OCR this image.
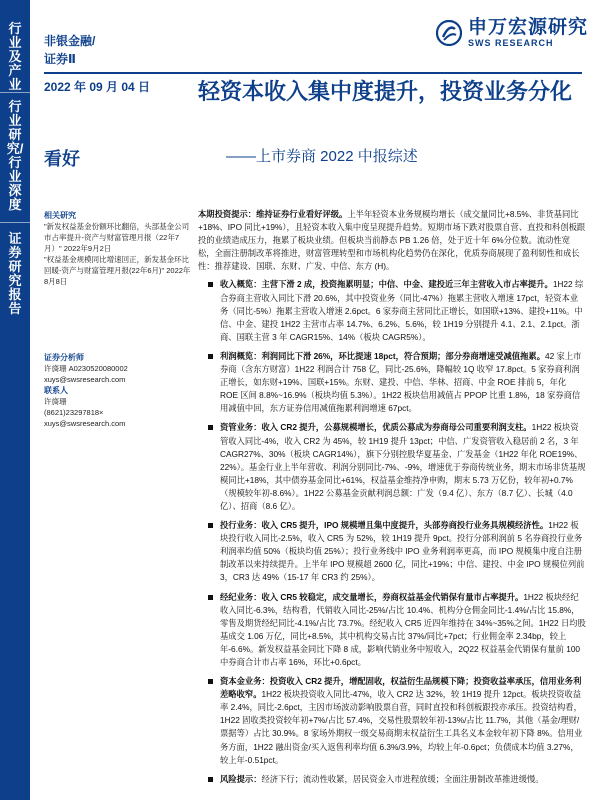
行业及产业
行业研究/行业深度
证券研究报告
非银金融/
证券Ⅱ
申万宏源研究
SWS RESEARCH
2022 年 09 月 04 日
看好
轻资本收入集中度提升，投资业务分化
——上市券商 2022 中报综述
相关研究
"新发权益基金份额环比翻倍，头部基金公司市占率提升-资产与财富管理月报（22年7月）" 2022年9月2日
"权益基金规模同比增速回正，新发基金环比回暖-资产与财富管理月报(22年6月)" 2022年8月8日
证券分析师
许旖珊 A0230520080002
xuys@swsresearch.com
联系人
许旖珊
(8621)23297818×
xuys@swsresearch.com

本期投资提示：维持证券行业看好评级。上半年轻资本业务规模均增长（成交量同比+8.5%、非货基同比+18%、IPO 同比+19%），且轻资本收入集中度呈现提升趋势。短期市场下跌对股票自营、直投和科创板跟投的业绩造成压力，拖累了板块业绩。但板块当前静态 PB 1.26 倍，处于近十年 6%分位数。流动性宽松，全面注册制改革将推进，财富管理转型和市场机构化趋势仍在深化，优质券商展现了盈利韧性和成长性：推荐建设、国联、东财、广发、中信、东方 (H)。

收入概览：主营下滑 2 成，投资拖累明显；中信、中金、建投近三年主营收入市占率提升。1H22 综合券商主营收入同比下滑 20.6%，其中投资业务（同比-47%）拖累主营收入增速 17pct，轻资本业务（同比-5%）拖累主营收入增速 2.6pct。6 家券商主营同比正增长，如国联+13%、建投+11%。中信、中金、建投 1H22 主营市占率 14.7%、6.2%、5.6%，较 1H19 分别提升 4.1、2.1、2.1pct。浙商、国联主营 3 年 CAGR15%、14%（板块 CAGR5%）。

利润概览：利润同比下滑 26%，环比提速 18pct，符合预期；部分券商增速受减值拖累。42 家上市券商（含东方财富）1H22 利润合计 758 亿，同比-25.6%，降幅较 1Q 收窄 17.8pct。5 家券商利润正增长，如东财+19%、国联+15%。东财、建投、中信、华林、招商、中金 ROE 排前 5，年化 ROE 区间 8.8%~16.9%（板块均值 5.3%）。1H22 板块信用减值占 PPOP 比重 1.8%，18 家券商信用减值中回，东方证券信用减值拖累利润增速 67pct。

资管业务：收入 CR2 提升，公募规模增长，优质公募成为券商母公司重要利润支柱。1H22 板块资管收入同比-4%，收入 CR2 为 45%，较 1H19 提升 13pct；中信、广发资管收入稳居前 2 名，3 年 CAGR27%、30%（板块 CAGR14%），旗下分别控股华夏基金、广发基金（1H22 年化 ROE19%、22%）。基金行业上半年营收、利润分别同比-7%、-9%，增速优于券商传统业务，期末市场非货基规模同比+18%，其中债券基金同比+61%，权益基金维持净申购，期末 5.73 万亿份，较年初+0.7%（规模较年初-8.6%）。1H22 公募基金贡献利润总额：广发（9.4 亿）、东方（8.7 亿）、长城（4.0 亿）、招商（8.6 亿）。

投行业务：收入 CR5 提升，IPO 规模增且集中度提升，头部券商投行业务具规模经济性。1H22 板块投行收入同比-2.5%，收入 CR5 为 52%，较 1H19 提升 9pct。投行分部利润前 5 名券商投行业务利润率均值 50%（板块均值 25%）；投行业务线中 IPO 业务利润率更高，而 IPO 规模集中度自注册制改革以来持续提升。上半年 IPO 规模超 2600 亿，同比+19%；中信、建投、中金 IPO 规模位列前 3，CR3 达 49%（15-17 年 CR3 约 25%）。

经纪业务：收入 CR5 较稳定，成交量增长，券商权益基金代销保有量市占率提升。1H22 板块经纪收入同比-6.3%，结构看，代销收入同比-25%/占比 10.4%、机构分仓佣金同比-1.4%/占比 15.8%，零售及期货经纪同比-4.1%/占比 73.7%。经纪收入 CR5 近四年维持在 34%~35%之间。1H22 日均股基成交 1.06 万亿，同比+8.5%，其中机构交易占比 37%/同比+7pct；行业佣金率 2.34bp，较上年-6.6%。新发权益基金同比下降 8 成，影响代销业务中短收入，2Q22 权益基金代销保有量前 100 中券商合计市占率 16%，环比+0.6pct。

资本金业务：投资收入 CR2 提升，增配固收，权益衍生品规模下降；投资收益率承压，信用业务利差略收窄。1H22 板块投资收入同比-47%，收入 CR2 达 32%，较 1H19 提升 12pct。板块投资收益率 2.4%，同比-2.6pct，主因市场波动影响股票自营，同时直投和科创板跟投亦承压。投资结构看，1H22 固收类投资较年初+7%/占比 57.4%，交易性股票较年初-13%/占比 11.7%，其他（基金/理财/票据等）占比 30.9%。8 家场外期权一级交易商期末权益衍生工具名义本金较年初下降 8%。信用业务方面，1H22 融出资金/买入返售利率均值 6.3%/3.9%，均较上年-0.6pct；负债成本均值 3.27%，较上年-0.51pct。

风险提示：经济下行；流动性收紧，居民资金入市进程放缓；全面注册制改革推进缓慢。
